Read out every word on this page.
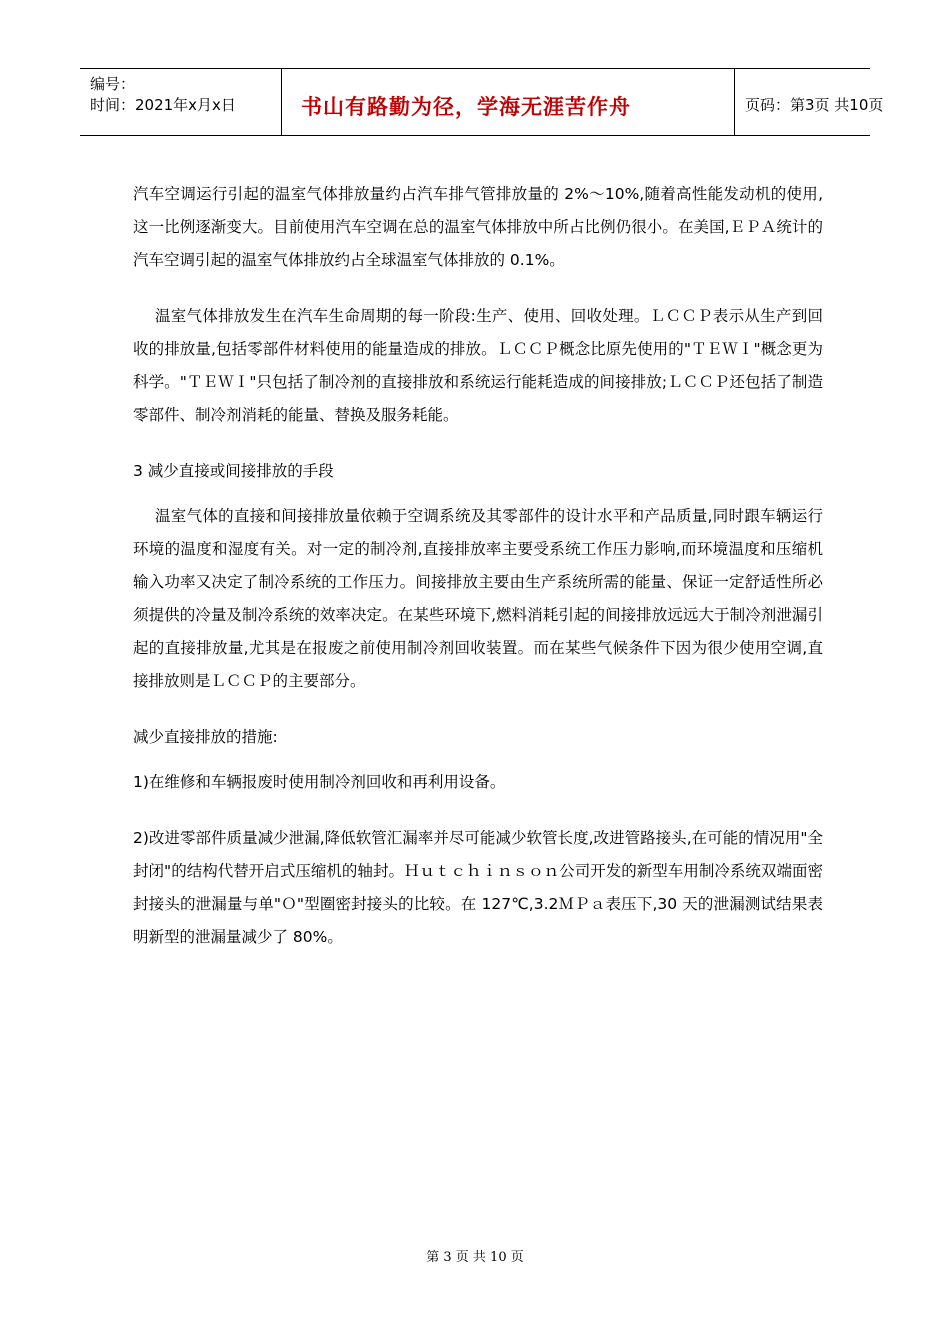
编号：
时间：2021年x月x日	书山有路勤为径，学海无涯苦作舟	页码：第3页 共10页

汽车空调运行引起的温室气体排放量约占汽车排气管排放量的 2%～10%,随着高性能发动机的使用,这一比例逐渐变大。目前使用汽车空调在总的温室气体排放中所占比例仍很小。在美国,ＥＰＡ统计的汽车空调引起的温室气体排放约占全球温室气体排放的 0.1%。

温室气体排放发生在汽车生命周期的每一阶段:生产、使用、回收处理。ＬＣＣＰ表示从生产到回收的排放量,包括零部件材料使用的能量造成的排放。ＬＣＣＰ概念比原先使用的"ＴＥＷＩ"概念更为科学。"ＴＥＷＩ"只包括了制冷剂的直接排放和系统运行能耗造成的间接排放;ＬＣＣＰ还包括了制造零部件、制冷剂消耗的能量、替换及服务耗能。

3 减少直接或间接排放的手段

温室气体的直接和间接排放量依赖于空调系统及其零部件的设计水平和产品质量,同时跟车辆运行环境的温度和湿度有关。对一定的制冷剂,直接排放率主要受系统工作压力影响,而环境温度和压缩机输入功率又决定了制冷系统的工作压力。间接排放主要由生产系统所需的能量、保证一定舒适性所必须提供的冷量及制冷系统的效率决定。在某些环境下,燃料消耗引起的间接排放远远大于制冷剂泄漏引起的直接排放量,尤其是在报废之前使用制冷剂回收装置。而在某些气候条件下因为很少使用空调,直接排放则是ＬＣＣＰ的主要部分。

减少直接排放的措施:

1)在维修和车辆报废时使用制冷剂回收和再利用设备。

2)改进零部件质量减少泄漏,降低软管汇漏率并尽可能减少软管长度,改进管路接头,在可能的情况用"全封闭"的结构代替开启式压缩机的轴封。Ｈｕｔｃｈｉｎｓｏｎ公司开发的新型车用制冷系统双端面密封接头的泄漏量与单"Ｏ"型圈密封接头的比较。在 127℃,3.2ＭＰａ表压下,30 天的泄漏测试结果表明新型的泄漏量减少了 80%。

第 3 页 共 10 页
